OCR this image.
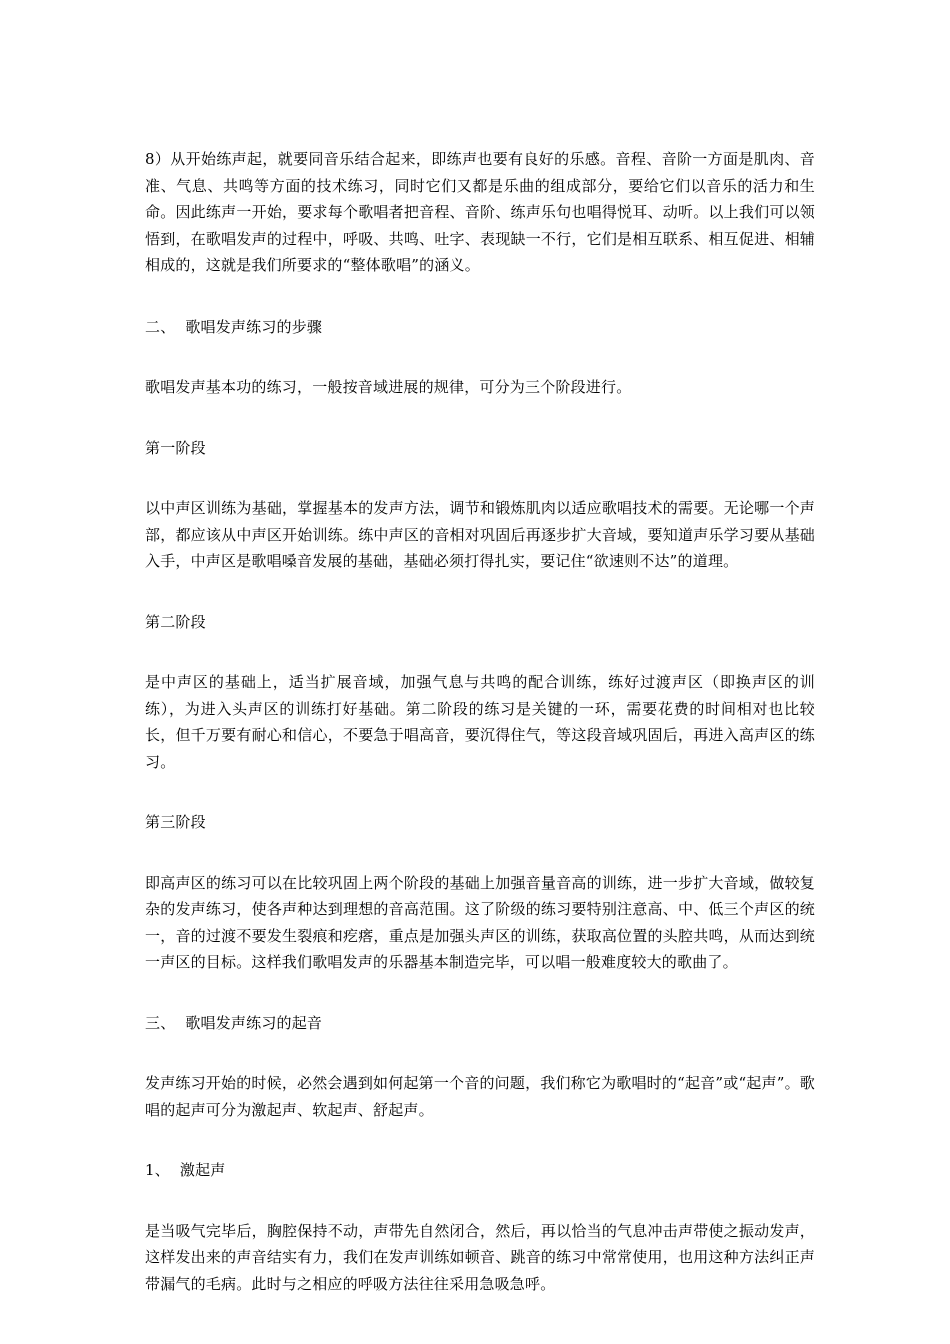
8）从开始练声起，就要同音乐结合起来，即练声也要有良好的乐感。音程、音阶一方面是肌肉、音准、气息、共鸣等方面的技术练习，同时它们又都是乐曲的组成部分，要给它们以音乐的活力和生命。因此练声一开始，要求每个歌唱者把音程、音阶、练声乐句也唱得悦耳、动听。以上我们可以领悟到，在歌唱发声的过程中，呼吸、共鸣、吐字、表现缺一不行，它们是相互联系、相互促进、相辅相成的，这就是我们所要求的“整体歌唱”的涵义。

二、  歌唱发声练习的步骤

歌唱发声基本功的练习，一般按音域进展的规律，可分为三个阶段进行。

第一阶段

以中声区训练为基础，掌握基本的发声方法，调节和锻炼肌肉以适应歌唱技术的需要。无论哪一个声部，都应该从中声区开始训练。练中声区的音相对巩固后再逐步扩大音域，要知道声乐学习要从基础入手，中声区是歌唱嗓音发展的基础，基础必须打得扎实，要记住“欲速则不达”的道理。

第二阶段

是中声区的基础上，适当扩展音域，加强气息与共鸣的配合训练，练好过渡声区（即换声区的训练），为进入头声区的训练打好基础。第二阶段的练习是关键的一环，需要花费的时间相对也比较长，但千万要有耐心和信心，不要急于唱高音，要沉得住气，等这段音域巩固后，再进入高声区的练习。

第三阶段

即高声区的练习可以在比较巩固上两个阶段的基础上加强音量音高的训练，进一步扩大音域，做较复杂的发声练习，使各声种达到理想的音高范围。这了阶级的练习要特别注意高、中、低三个声区的统一，音的过渡不要发生裂痕和疙瘩，重点是加强头声区的训练，获取高位置的头腔共鸣，从而达到统一声区的目标。这样我们歌唱发声的乐器基本制造完毕，可以唱一般难度较大的歌曲了。

三、  歌唱发声练习的起音

发声练习开始的时候，必然会遇到如何起第一个音的问题，我们称它为歌唱时的“起音”或“起声”。歌唱的起声可分为激起声、软起声、舒起声。

1、  激起声

是当吸气完毕后，胸腔保持不动，声带先自然闭合，然后，再以恰当的气息冲击声带使之振动发声，这样发出来的声音结实有力，我们在发声训练如顿音、跳音的练习中常常使用，也用这种方法纠正声带漏气的毛病。此时与之相应的呼吸方法往往采用急吸急呼。
